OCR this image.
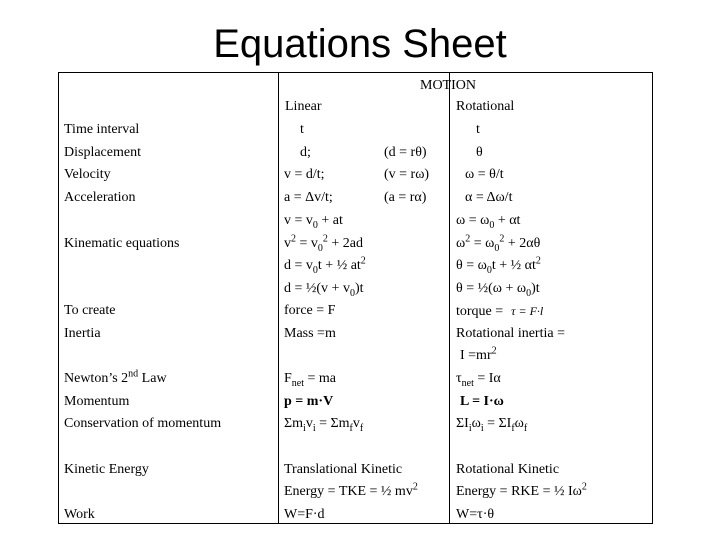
Equations Sheet
MOTION
Linear	Rotational
Time interval
Displacement
Velocity
Acceleration
Kinematic equations
To create
Inertia
Newton’s 2nd Law
Momentum
Conservation of momentum
Kinetic Energy
Work
t
d;
v = d/t;
a = Δv/t;
(d = rθ)
(v = rω)
(a = rα)
$v = v_0$ + at
$v^2 = v_0^2 + 2ad$
$d = v_0t$ + ½ $at^2$
d = ½(v + $v_0)t$
force = F
Mass =m
$F_{net}$ = ma
p = m·V
$\Sigma m_iv_i = \Sigma m_fv_f$
Translational Kinetic
Energy = TKE = ½ $mv^2$
W=F·d
t
θ
ω = θ/t
α = Δω/t
$\omega = \omega_0 + \alpha t$
$\omega^2 = \omega_0^2 + 2\alpha\theta$
$\theta = \omega_0t$ + ½ $\alpha t^2$
θ = ½(ω + $\omega_0)t$
torque = τ = F·l
Rotational inertia =
$I =mr^2$
$\tau_{net} = I\alpha$
L = I·ω
$\Sigma I_i\omega_i = \Sigma I_f\omega_f$
Rotational Kinetic
Energy = RKE = ½ $I\omega^2$
W=τ·θ
